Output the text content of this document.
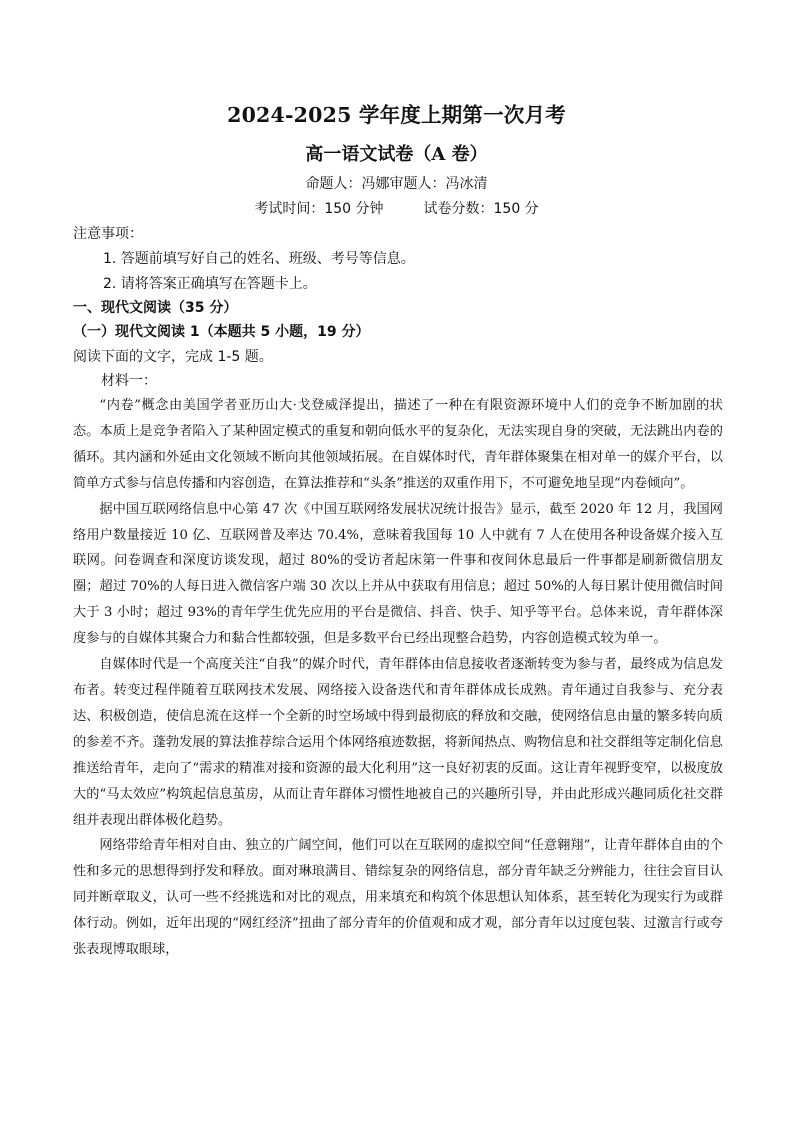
2024-2025 学年度上期第一次月考
高一语文试卷（A 卷）
命题人：冯娜审题人：冯冰清
考试时间：150 分钟	试卷分数：150 分
注意事项：
1. 答题前填写好自己的姓名、班级、考号等信息。
2. 请将答案正确填写在答题卡上。
一、现代文阅读（35 分）
（一）现代文阅读 1（本题共 5 小题，19 分）
阅读下面的文字，完成 1-5 题。
材料一：

“内卷”概念由美国学者亚历山大·戈登威泽提出，描述了一种在有限资源环境中人们的竞争不断加剧的状态。本质上是竞争者陷入了某种固定模式的重复和朝向低水平的复杂化，无法实现自身的突破，无法跳出内卷的循环。其内涵和外延由文化领域不断向其他领域拓展。在自媒体时代，青年群体聚集在相对单一的媒介平台，以简单方式参与信息传播和内容创造，在算法推荐和“头条”推送的双重作用下，不可避免地呈现“内卷倾向”。

据中国互联网络信息中心第 47 次《中国互联网络发展状况统计报告》显示，截至 2020 年 12 月，我国网络用户数量接近 10 亿、互联网普及率达 70.4%，意味着我国每 10 人中就有 7 人在使用各种设备媒介接入互联网。问卷调查和深度访谈发现，超过 80%的受访者起床第一件事和夜间休息最后一件事都是刷新微信朋友圈；超过 70%的人每日进入微信客户端 30 次以上并从中获取有用信息；超过 50%的人每日累计使用微信时间大于 3 小时；超过 93%的青年学生优先应用的平台是微信、抖音、快手、知乎等平台。总体来说，青年群体深度参与的自媒体其聚合力和黏合性都较强，但是多数平台已经出现整合趋势，内容创造模式较为单一。

自媒体时代是一个高度关注“自我”的媒介时代，青年群体由信息接收者逐渐转变为参与者，最终成为信息发布者。转变过程伴随着互联网技术发展、网络接入设备迭代和青年群体成长成熟。青年通过自我参与、充分表达、积极创造，使信息流在这样一个全新的时空场域中得到最彻底的释放和交融，使网络信息由量的繁多转向质的参差不齐。蓬勃发展的算法推荐综合运用个体网络痕迹数据，将新闻热点、购物信息和社交群组等定制化信息推送给青年，走向了“需求的精准对接和资源的最大化利用”这一良好初衷的反面。这让青年视野变窄，以极度放大的“马太效应”构筑起信息茧房，从而让青年群体习惯性地被自己的兴趣所引导，并由此形成兴趣同质化社交群组并表现出群体极化趋势。

网络带给青年相对自由、独立的广阔空间，他们可以在互联网的虚拟空间“任意翱翔”，让青年群体自由的个性和多元的思想得到抒发和释放。面对琳琅满目、错综复杂的网络信息，部分青年缺乏分辨能力，往往会盲目认同并断章取义，认可一些不经挑选和对比的观点，用来填充和构筑个体思想认知体系，甚至转化为现实行为或群体行动。例如，近年出现的“网红经济”扭曲了部分青年的价值观和成才观，部分青年以过度包装、过激言行或夸张表现博取眼球，
